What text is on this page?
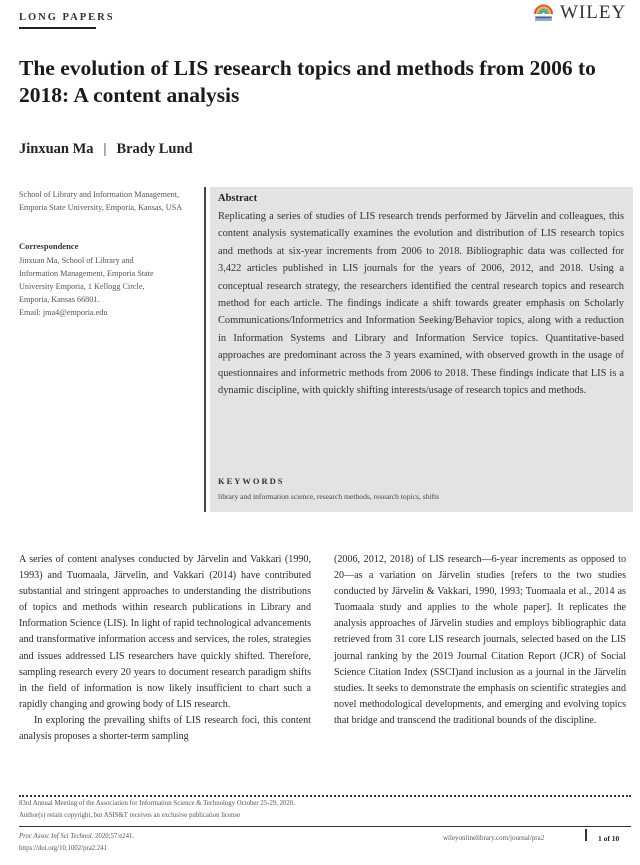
LONG PAPERS	WILEY
The evolution of LIS research topics and methods from 2006 to 2018: A content analysis
Jinxuan Ma | Brady Lund
School of Library and Information Management, Emporia State University, Emporia, Kansas, USA
Correspondence
Jinxuan Ma, School of Library and
Information Management, Emporia State
University Emporia, 1 Kellogg Circle,
Emporia, Kansas 66801.
Email: jma4@emporia.edu
Abstract

Replicating a series of studies of LIS research trends performed by Järvelin and colleagues, this content analysis systematically examines the evolution and distribution of LIS research topics and methods at six-year increments from 2006 to 2018. Bibliographic data was collected for 3,422 articles published in LIS journals for the years of 2006, 2012, and 2018. Using a conceptual research strategy, the researchers identified the central research topics and research method for each article. The findings indicate a shift towards greater emphasis on Scholarly Communications/Informetrics and Information Seeking/Behavior topics, along with a reduction in Information Systems and Library and Information Service topics. Quantitative-based approaches are predominant across the 3 years examined, with observed growth in the usage of questionnaires and informetric methods from 2006 to 2018. These findings indicate that LIS is a dynamic discipline, with quickly shifting interests/usage of research topics and methods.

KEYWORDS
library and information science, research methods, research topics, shifts

A series of content analyses conducted by Järvelin and Vakkari (1990, 1993) and Tuomaala, Järvelin, and Vakkari (2014) have contributed substantial and stringent approaches to understanding the distributions of topics and methods within research publications in Library and Information Science (LIS). In light of rapid technological advancements and transformative information access and services, the roles, strategies and issues addressed LIS researchers have quickly shifted. Therefore, sampling research every 20 years to document research paradigm shifts in the field of information is now likely insufficient to chart such a rapidly changing and growing body of LIS research.

In exploring the prevailing shifts of LIS research foci, this content analysis proposes a shorter-term sampling

(2006, 2012, 2018) of LIS research—6-year increments as opposed to 20—as a variation on Järvelin studies [refers to the two studies conducted by Järvelin & Vakkari, 1990, 1993; Tuomaala et al., 2014 as Tuomaala study and applies to the whole paper]. It replicates the analysis approaches of Järvelin studies and employs bibliographic data retrieved from 31 core LIS research journals, selected based on the LIS journal ranking by the 2019 Journal Citation Report (JCR) of Social Science Citation Index (SSCI)and inclusion as a journal in the Järvelin studies. It seeks to demonstrate the emphasis on scientific strategies and novel methodological developments, and emerging and evolving topics that bridge and transcend the traditional bounds of the discipline.

83rd Annual Meeting of the Association for Information Science & Technology October 25-29, 2020.
Author(s) retain copyright, but ASIS&T receives an exclusive publication license
Proc Assoc Inf Sci Technol. 2020;57:e241.
https://doi.org/10.1002/pra2.241
wileyonlinelibrary.com/journal/pra2	1 of 10
